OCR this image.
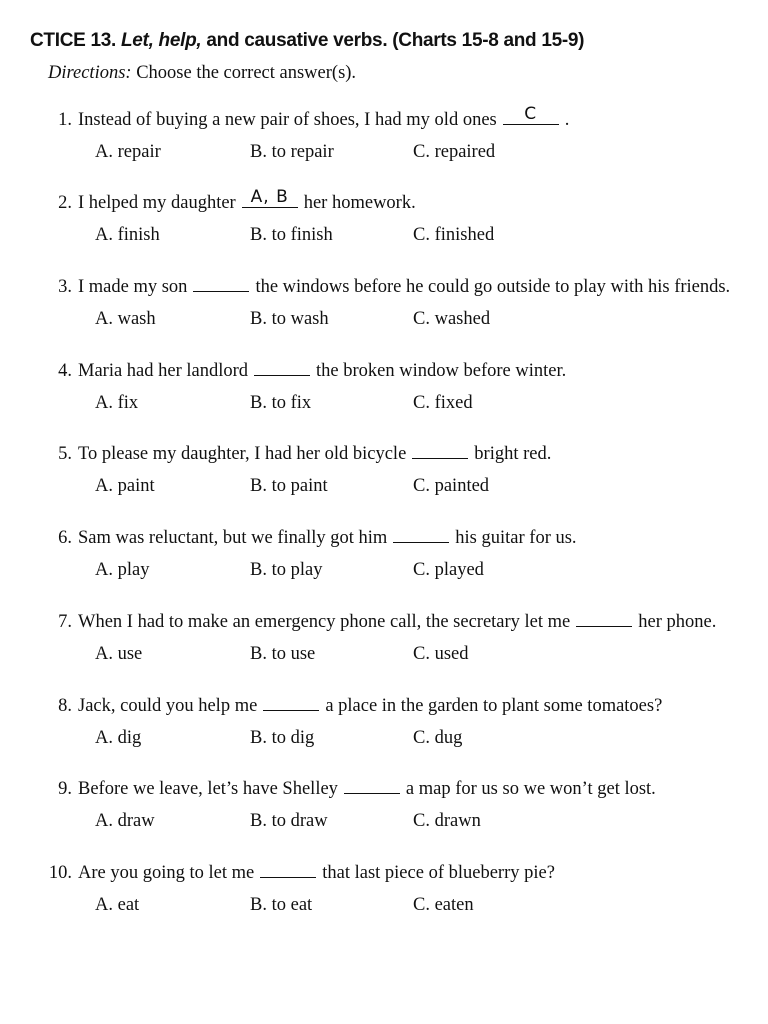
CTICE 13. Let, help, and causative verbs. (Charts 15-8 and 15-9)
Directions: Choose the correct answer(s).
1. Instead of buying a new pair of shoes, I had my old ones	C	.
A. repair	B. to repair	C. repaired
2. I helped my daughter A, B her homework.
A. finish	B. to finish	C. finished
3. I made my son	the windows before he could go outside to play with his friends.
A. wash	B. to wash	C. washed
4. Maria had her landlord	the broken window before winter.
A. fix	B. to fix	C. fixed
5. To please my daughter, I had her old bicycle	bright red.
A. paint	B. to paint	C. painted
6. Sam was reluctant, but we finally got him	his guitar for us.
A. play	B. to play	C. played
7. When I had to make an emergency phone call, the secretary let me	her phone.
A. use	B. to use	C. used
8. Jack, could you help me	a place in the garden to plant some tomatoes?
A. dig	B. to dig	C. dug
9. Before we leave, let’s have Shelley	a map for us so we won’t get lost.
A. draw	B. to draw	C. drawn
10. Are you going to let me	that last piece of blueberry pie?
A. eat	B. to eat	C. eaten
